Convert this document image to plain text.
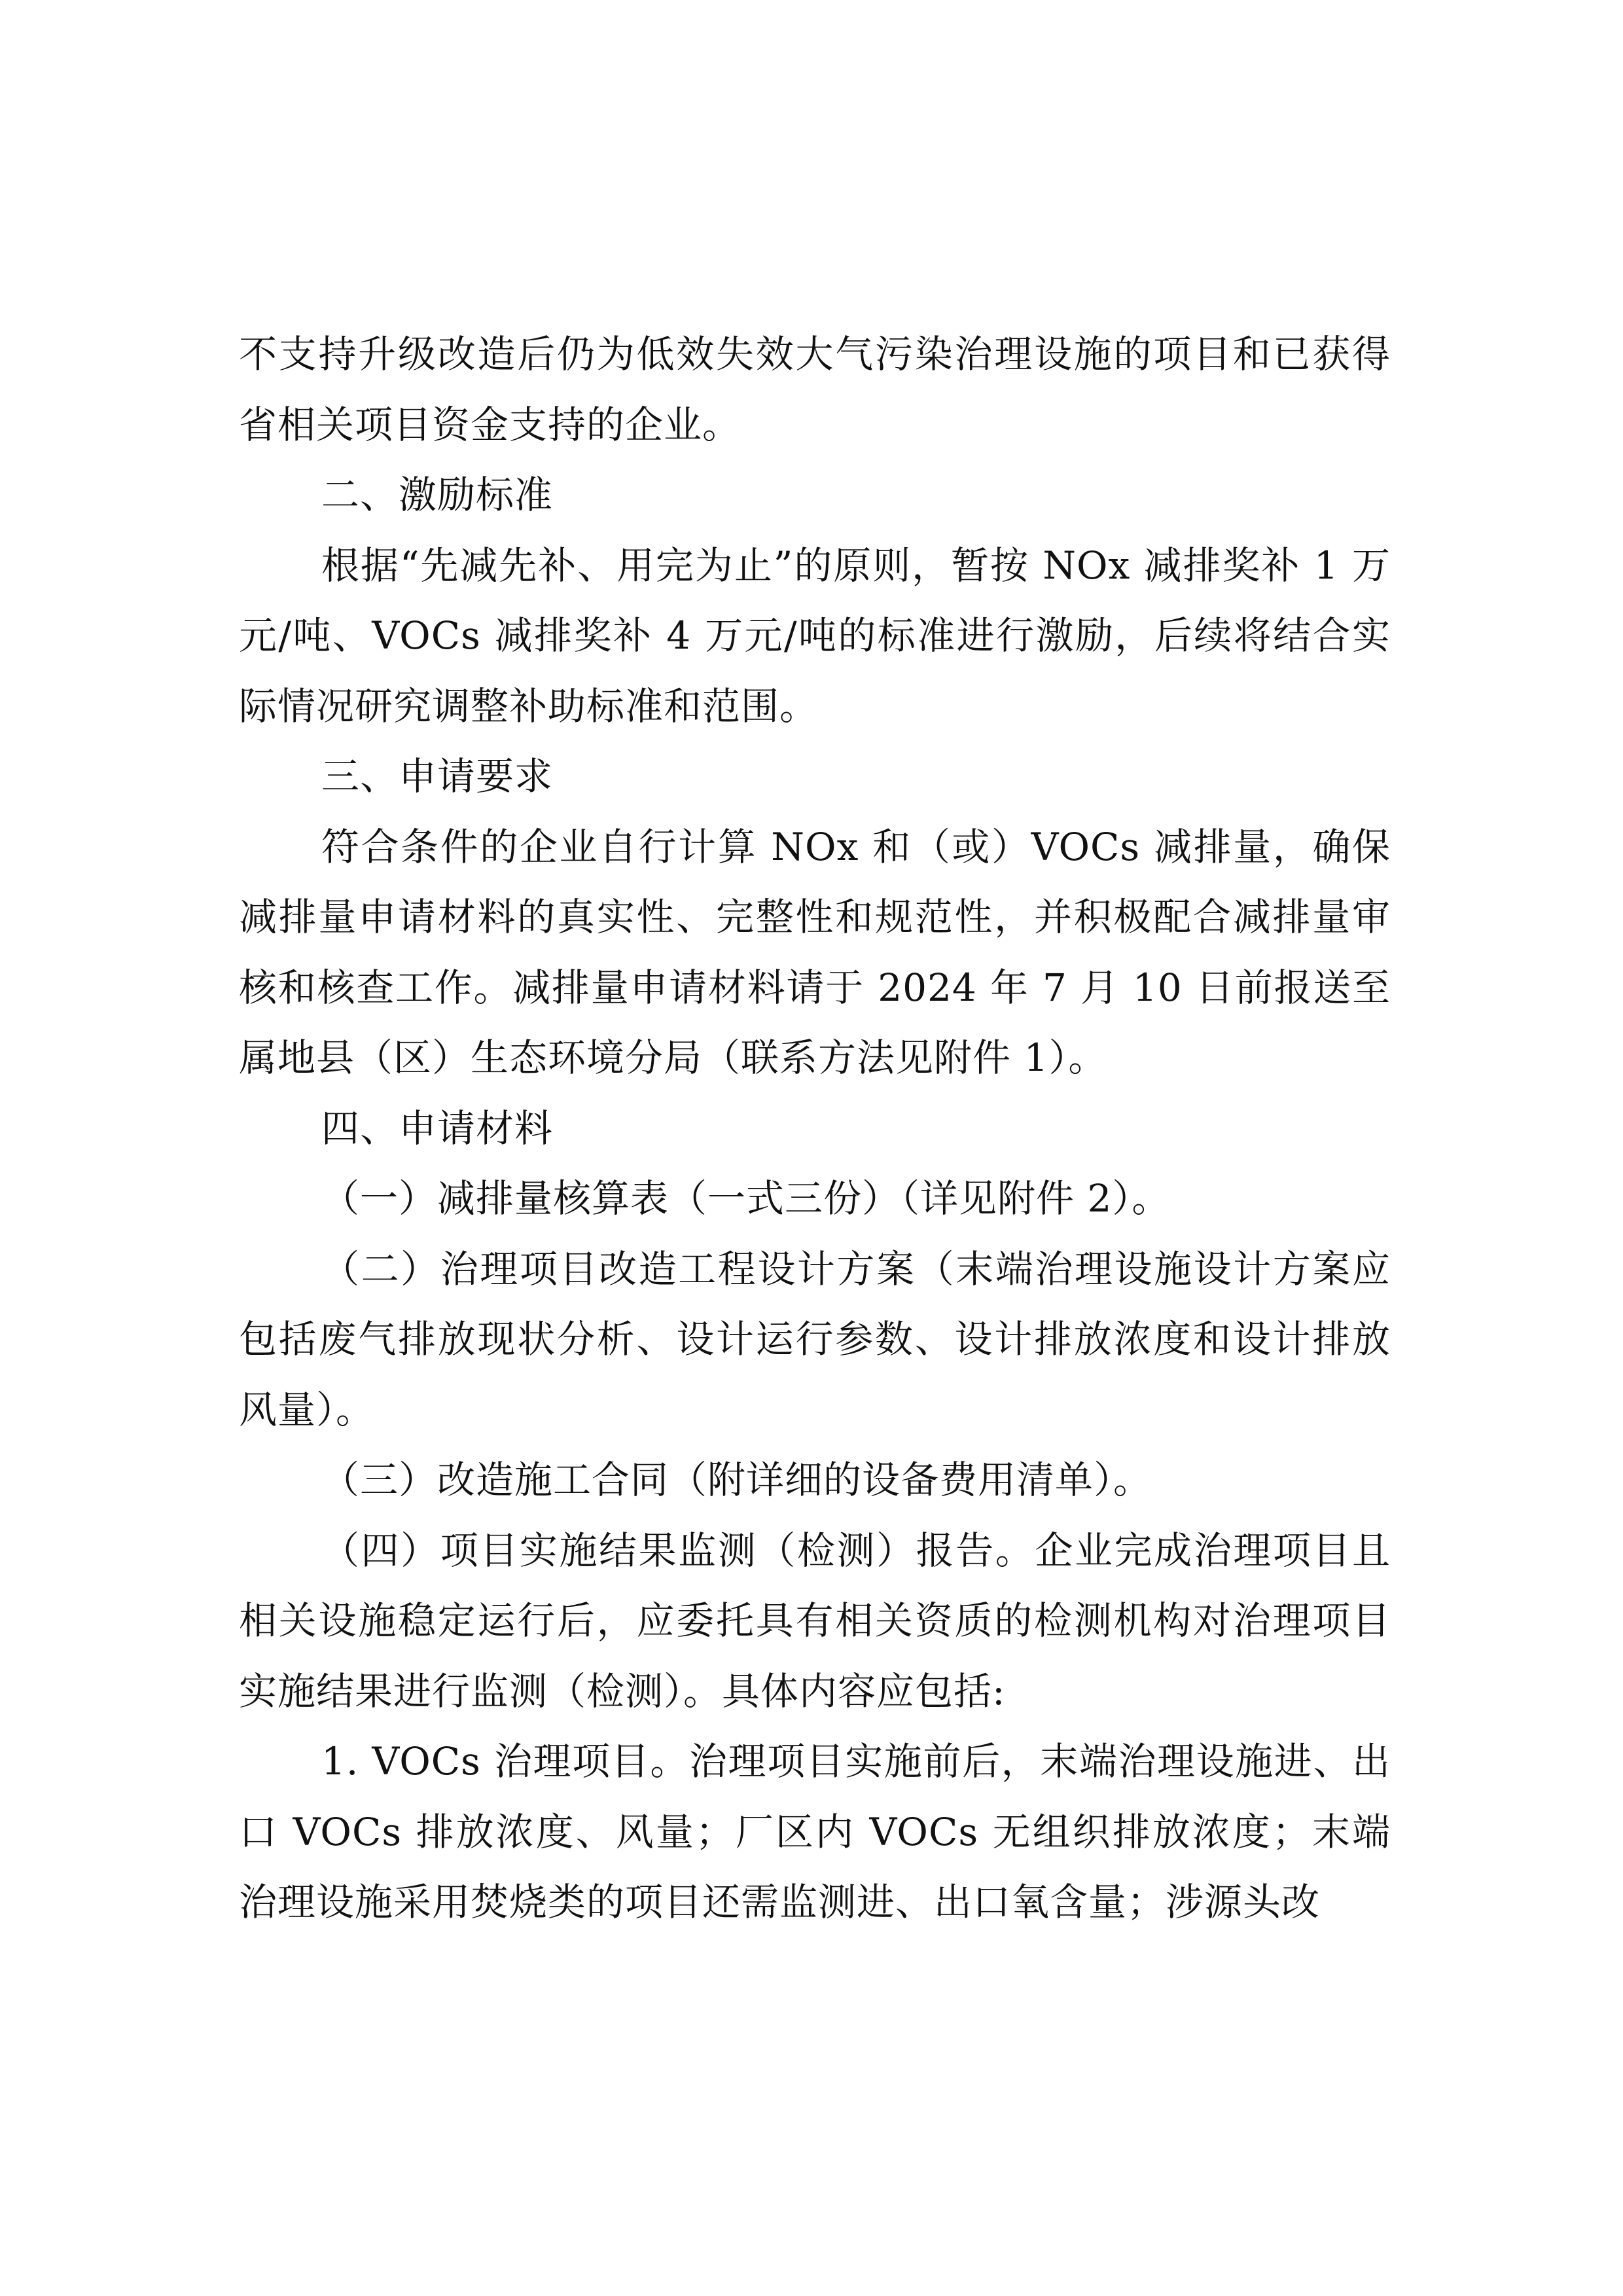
不支持升级改造后仍为低效失效大气污染治理设施的项目和已获得省相关项目资金支持的企业。

二、激励标准

根据“先减先补、用完为止”的原则，暂按 NOx 减排奖补 1 万元/吨、VOCs 减排奖补 4 万元/吨的标准进行激励，后续将结合实际情况研究调整补助标准和范围。

三、申请要求

符合条件的企业自行计算 NOx 和（或）VOCs 减排量，确保减排量申请材料的真实性、完整性和规范性，并积极配合减排量审核和核查工作。减排量申请材料请于 2024 年 7 月 10 日前报送至属地县（区）生态环境分局（联系方法见附件 1）。

四、申请材料

（一）减排量核算表（一式三份）（详见附件 2）。

（二）治理项目改造工程设计方案（末端治理设施设计方案应包括废气排放现状分析、设计运行参数、设计排放浓度和设计排放风量）。

（三）改造施工合同（附详细的设备费用清单）。

（四）项目实施结果监测（检测）报告。企业完成治理项目且相关设施稳定运行后，应委托具有相关资质的检测机构对治理项目实施结果进行监测（检测）。具体内容应包括:

1. VOCs 治理项目。治理项目实施前后，末端治理设施进、出口 VOCs 排放浓度、风量；厂区内 VOCs 无组织排放浓度；末端治理设施采用焚烧类的项目还需监测进、出口氧含量；涉源头改
